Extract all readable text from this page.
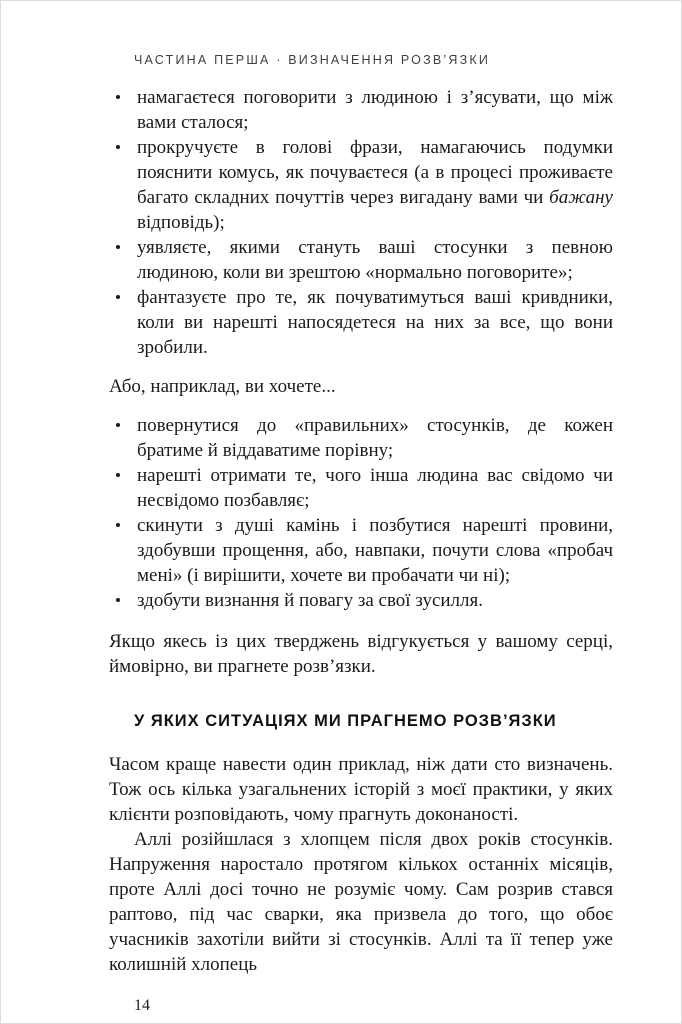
ЧАСТИНА ПЕРША · ВИЗНАЧЕННЯ РОЗВ’ЯЗКИ
намагаєтеся поговорити з людиною і з’ясувати, що між вами сталося;
прокручуєте в голові фрази, намагаючись подумки пояснити комусь, як почуваєтеся (а в процесі проживаєте багато складних почуттів через вигадану вами чи бажану відповідь);
уявляєте, якими стануть ваші стосунки з певною людиною, коли ви зрештою «нормально поговорите»;
фантазуєте про те, як почуватимуться ваші кривдники, коли ви нарешті напосядетеся на них за все, що вони зробили.

Або, наприклад, ви хочете...

повернутися до «правильних» стосунків, де кожен братиме й віддаватиме порівну;
нарешті отримати те, чого інша людина вас свідомо чи несвідомо позбавляє;
скинути з душі камінь і позбутися нарешті провини, здобувши прощення, або, навпаки, почути слова «пробач мені» (і вирішити, хочете ви пробачати чи ні);
здобути визнання й повагу за свої зусилля.

Якщо якесь із цих тверджень відгукується у вашому серці, ймовірно, ви прагнете розв’язки.

У ЯКИХ СИТУАЦІЯХ МИ ПРАГНЕМО РОЗВ’ЯЗКИ

Часом краще навести один приклад, ніж дати сто визначень. Тож ось кілька узагальнених історій з моєї практики, у яких клієнти розповідають, чому прагнуть доконаності.

Аллі розійшлася з хлопцем після двох років стосунків. Напруження наростало протягом кількох останніх місяців, проте Аллі досі точно не розуміє чому. Сам розрив стався раптово, під час сварки, яка призвела до того, що обоє учасників захотіли вийти зі стосунків. Аллі та її тепер уже колишній хлопець

14
